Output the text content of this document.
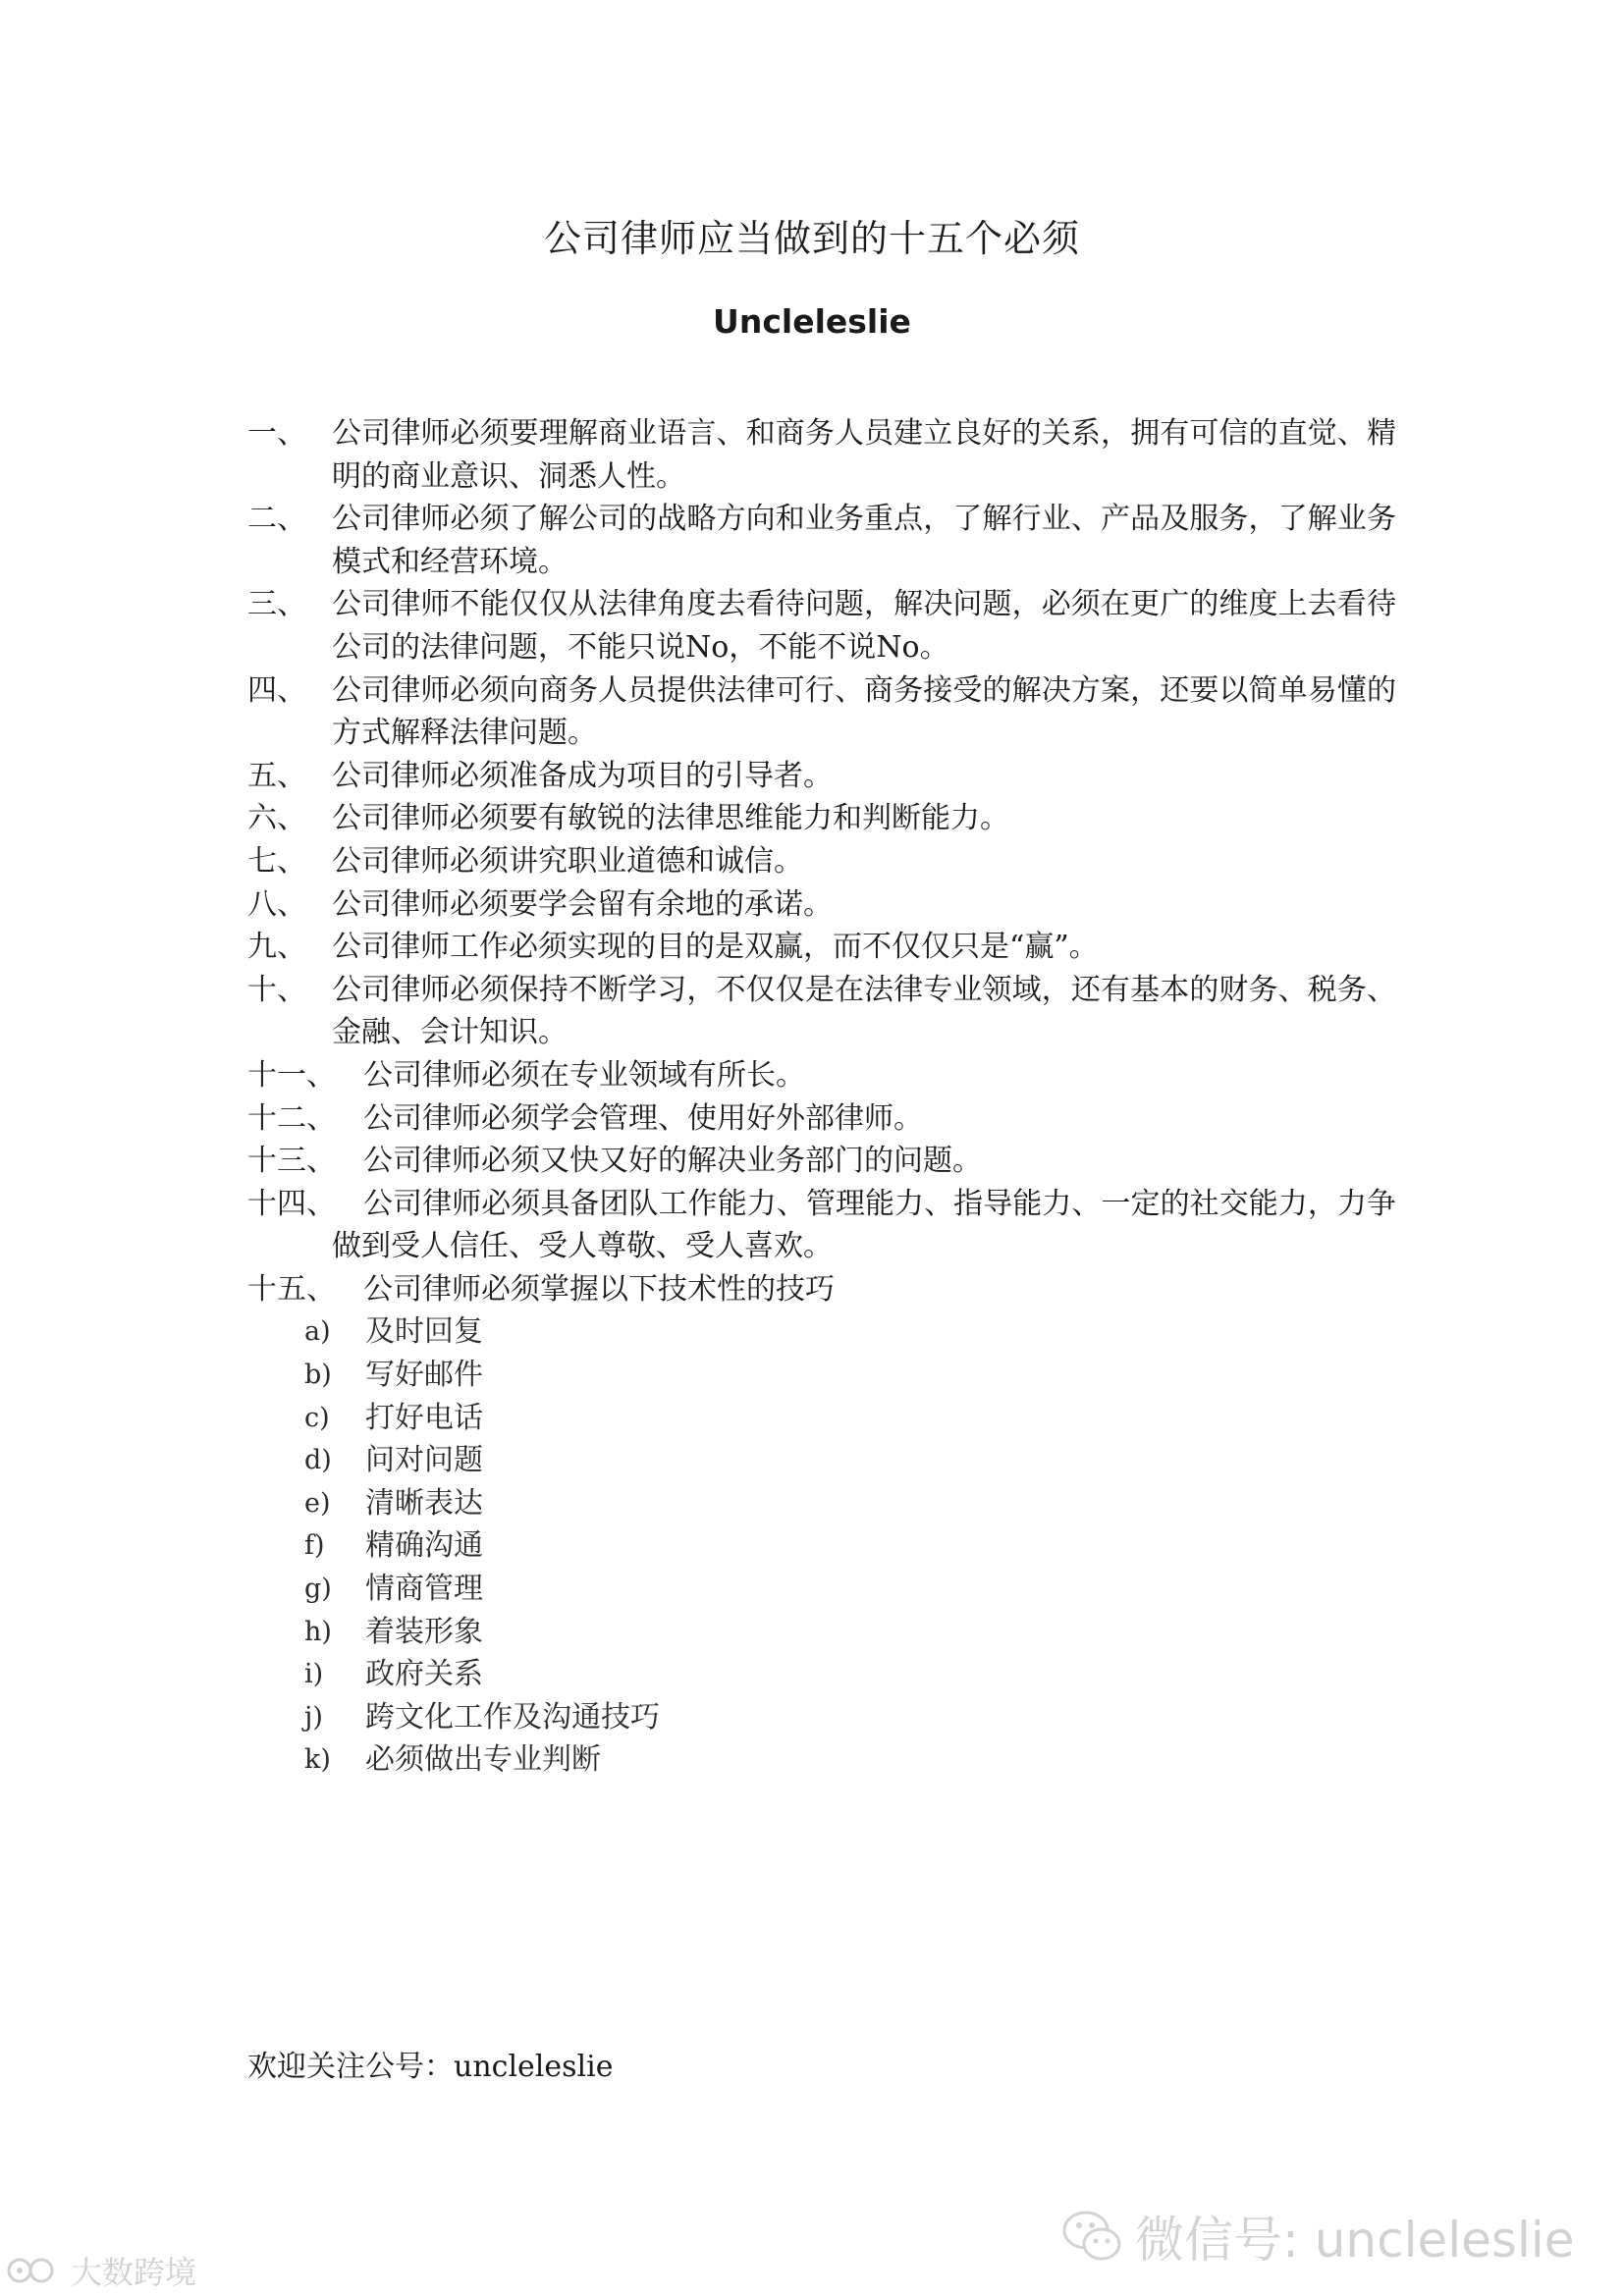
公司律师应当做到的十五个必须
Uncleleslie
一、 公司律师必须要理解商业语言、和商务人员建立良好的关系，拥有可信的直觉、精明的商业意识、洞悉人性。
二、 公司律师必须了解公司的战略方向和业务重点，了解行业、产品及服务，了解业务模式和经营环境。
三、 公司律师不能仅仅从法律角度去看待问题，解决问题，必须在更广的维度上去看待公司的法律问题，不能只说No，不能不说No。
四、 公司律师必须向商务人员提供法律可行、商务接受的解决方案，还要以简单易懂的方式解释法律问题。
五、 公司律师必须准备成为项目的引导者。
六、 公司律师必须要有敏锐的法律思维能力和判断能力。
七、 公司律师必须讲究职业道德和诚信。
八、 公司律师必须要学会留有余地的承诺。
九、 公司律师工作必须实现的目的是双赢，而不仅仅只是“赢”。
十、 公司律师必须保持不断学习，不仅仅是在法律专业领域，还有基本的财务、税务、金融、会计知识。
十一、 公司律师必须在专业领域有所长。
十二、 公司律师必须学会管理、使用好外部律师。
十三、 公司律师必须又快又好的解决业务部门的问题。
十四、 公司律师必须具备团队工作能力、管理能力、指导能力、一定的社交能力，力争做到受人信任、受人尊敬、受人喜欢。
十五、 公司律师必须掌握以下技术性的技巧
a) 及时回复
b) 写好邮件
c) 打好电话
d) 问对问题
e) 清晰表达
f) 精确沟通
g) 情商管理
h) 着装形象
i) 政府关系
j) 跨文化工作及沟通技巧
k) 必须做出专业判断
欢迎关注公号：uncleleslie
微信号: uncleleslie
大数跨境
